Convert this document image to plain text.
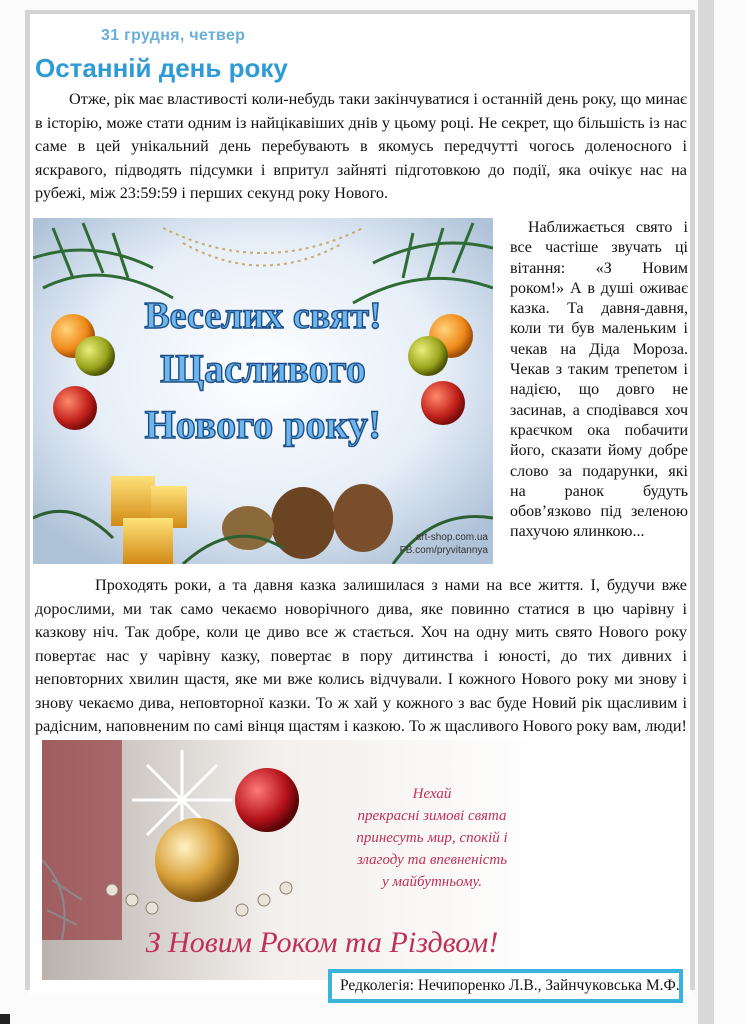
31 грудня, четвер
Останній день року
Отже, рік має властивості коли-небудь таки закінчуватися і останній день року, що минає в історію, може стати одним із найцікавіших днів у цьому році. Не секрет, що більшість із нас саме в цей унікальний день перебувають в якомусь передчутті чогось доленосного і яскравого, підводять підсумки і впритул зайняті підготовкою до події, яка очікує нас на рубежі, між 23:59:59 і перших секунд року Нового.
Веселих свят!
Щасливого
Нового року!
art-shop.com.ua
FB.com/pryvitannya
Наближається свято і все частіше звучать ці вітання: «З Новим роком!» А в душі оживає казка. Та давня-давня, коли ти був маленьким і чекав на Діда Мороза. Чекав з таким трепетом і надією, що довго не засинав, а сподівався хоч краєчком ока побачити його, сказати йому добре слово за подарунки, які на ранок будуть обов’язково під зеленою пахучою ялинкою...
Проходять роки, а та давня казка залишилася з нами на все життя. І, будучи вже дорослими, ми так само чекаємо новорічного дива, яке повинно статися в цю чарівну і казкову ніч. Так добре, коли це диво все ж стається. Хоч на одну мить свято Нового року повертає нас у чарівну казку, повертає в пору дитинства і юності, до тих дивних і неповторних хвилин щастя, яке ми вже колись відчували. І кожного Нового року ми знову і знову чекаємо дива, неповторної казки. То ж хай у кожного з вас буде Новий рік щасливим і радісним, наповненим по самі вінця щастям і казкою. То ж щасливого Нового року вам, люди!
Нехай
прекрасні зимові свята
принесуть мир, спокій і
злагоду та впевненість
у майбутньому.
З Новим Роком та Різдвом!
Редколегія: Нечипоренко Л.В., Зайнчуковська М.Ф.
